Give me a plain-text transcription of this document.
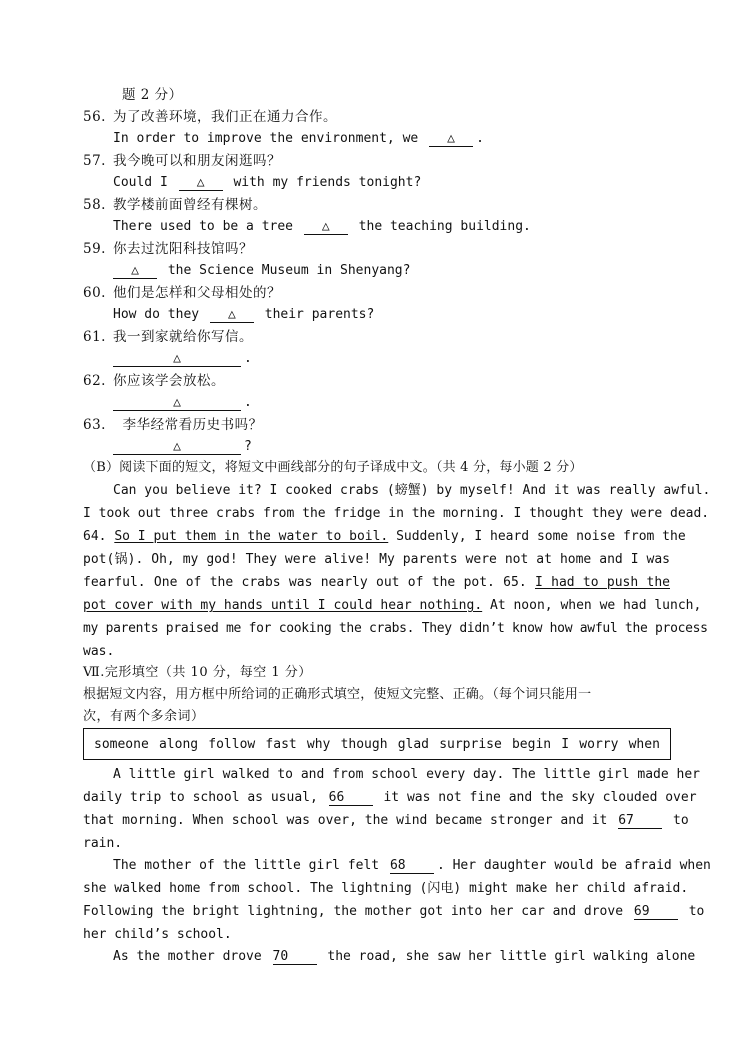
题 2 分）
56. 为了改善环境，我们正在通力合作。
In order to improve the environment, we △ .
57. 我今晚可以和朋友闲逛吗？
Could I △ with my friends tonight?
58. 教学楼前面曾经有棵树。
There used to be a tree △ the teaching building.
59. 你去过沈阳科技馆吗？
△ the Science Museum in Shenyang?
60. 他们是怎样和父母相处的？
How do they △ their parents?
61. 我一到家就给你写信。
△	.
62. 你应该学会放松。
△	.
63.  李华经常看历史书吗？
△	?
（B）阅读下面的短文，将短文中画线部分的句子译成中文。（共 4 分，每小题 2 分）
Can you believe it? I cooked crabs (螃蟹) by myself! And it was really awful.
I took out three crabs from the fridge in the morning. I thought they were dead.
64. So I put them in the water to boil. Suddenly, I heard some noise from the
pot(锅). Oh, my god! They were alive! My parents were not at home and I was
fearful. One of the crabs was nearly out of the pot. 65. I had to push the
pot cover with my hands until I could hear nothing. At noon, when we had lunch,
my parents praised me for cooking the crabs. They didn’t know how awful the process
was.
Ⅶ.完形填空（共 10 分，每空 1 分）
根据短文内容，用方框中所给词的正确形式填空，使短文完整、正确。（每个词只能用一
次，有两个多余词）
someone along follow fast why though glad surprise begin I worry when
A little girl walked to and from school every day. The little girl made her
daily trip to school as usual, 66 it was not fine and the sky clouded over
that morning. When school was over, the wind became stronger and it 67 to
rain.
The mother of the little girl felt 68 . Her daughter would be afraid when
she walked home from school. The lightning (闪电) might make her child afraid.
Following the bright lightning, the mother got into her car and drove 69 to
her child’s school.
As the mother drove 70 the road, she saw her little girl walking alone
